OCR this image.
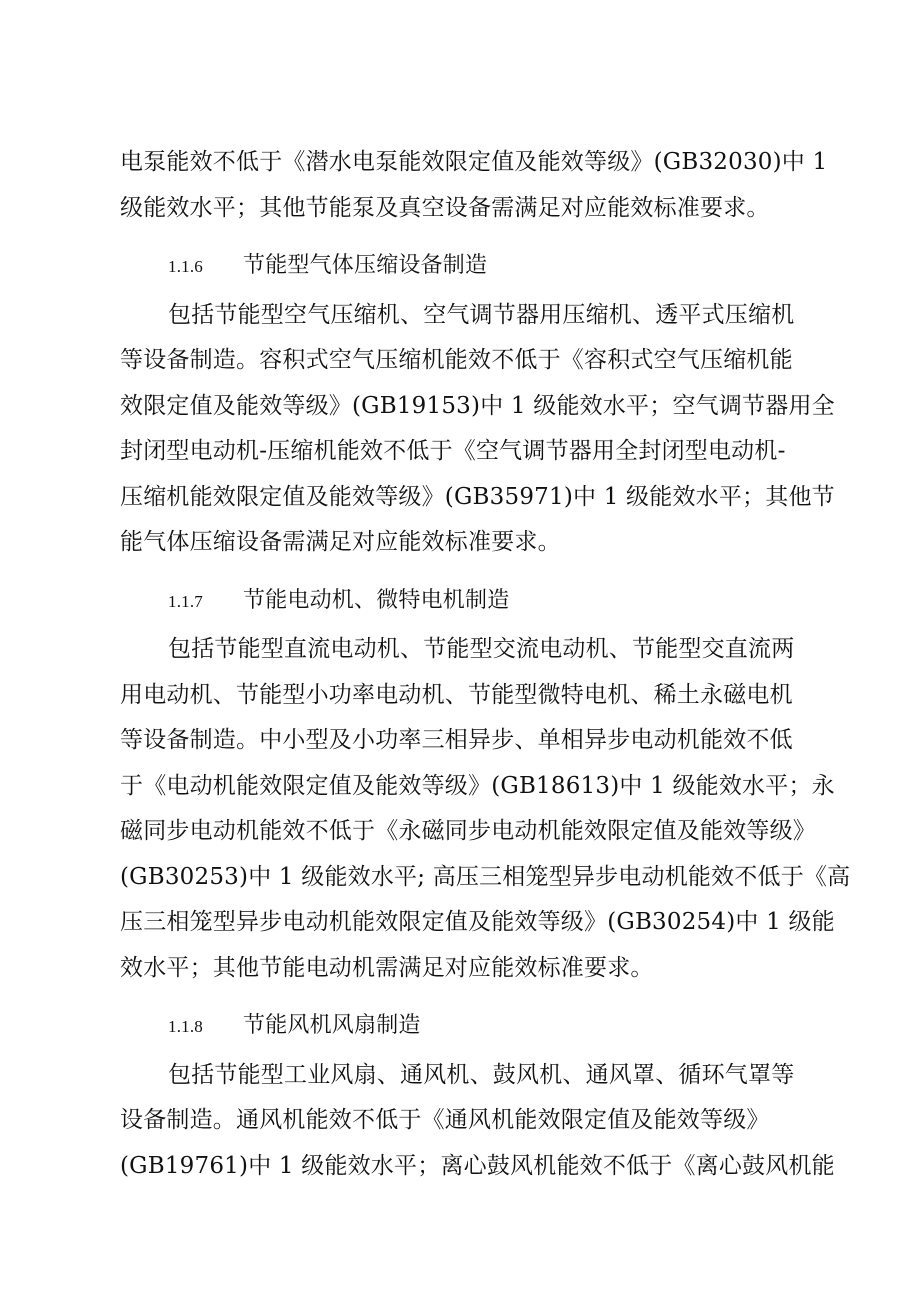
电泵能效不低于《潜水电泵能效限定值及能效等级》(GB32030)中 1
级能效水平；其他节能泵及真空设备需满足对应能效标准要求。
1.1.6 节能型气体压缩设备制造
包括节能型空气压缩机、空气调节器用压缩机、透平式压缩机
等设备制造。容积式空气压缩机能效不低于《容积式空气压缩机能
效限定值及能效等级》(GB19153)中 1 级能效水平；空气调节器用全
封闭型电动机-压缩机能效不低于《空气调节器用全封闭型电动机-
压缩机能效限定值及能效等级》(GB35971)中 1 级能效水平；其他节
能气体压缩设备需满足对应能效标准要求。
1.1.7 节能电动机、微特电机制造
包括节能型直流电动机、节能型交流电动机、节能型交直流两
用电动机、节能型小功率电动机、节能型微特电机、稀土永磁电机
等设备制造。中小型及小功率三相异步、单相异步电动机能效不低
于《电动机能效限定值及能效等级》(GB18613)中 1 级能效水平；永
磁同步电动机能效不低于《永磁同步电动机能效限定值及能效等级》
(GB30253)中 1 级能效水平; 高压三相笼型异步电动机能效不低于《高
压三相笼型异步电动机能效限定值及能效等级》(GB30254)中 1 级能
效水平；其他节能电动机需满足对应能效标准要求。
1.1.8 节能风机风扇制造
包括节能型工业风扇、通风机、鼓风机、通风罩、循环气罩等
设备制造。通风机能效不低于《通风机能效限定值及能效等级》
(GB19761)中 1 级能效水平；离心鼓风机能效不低于《离心鼓风机能
